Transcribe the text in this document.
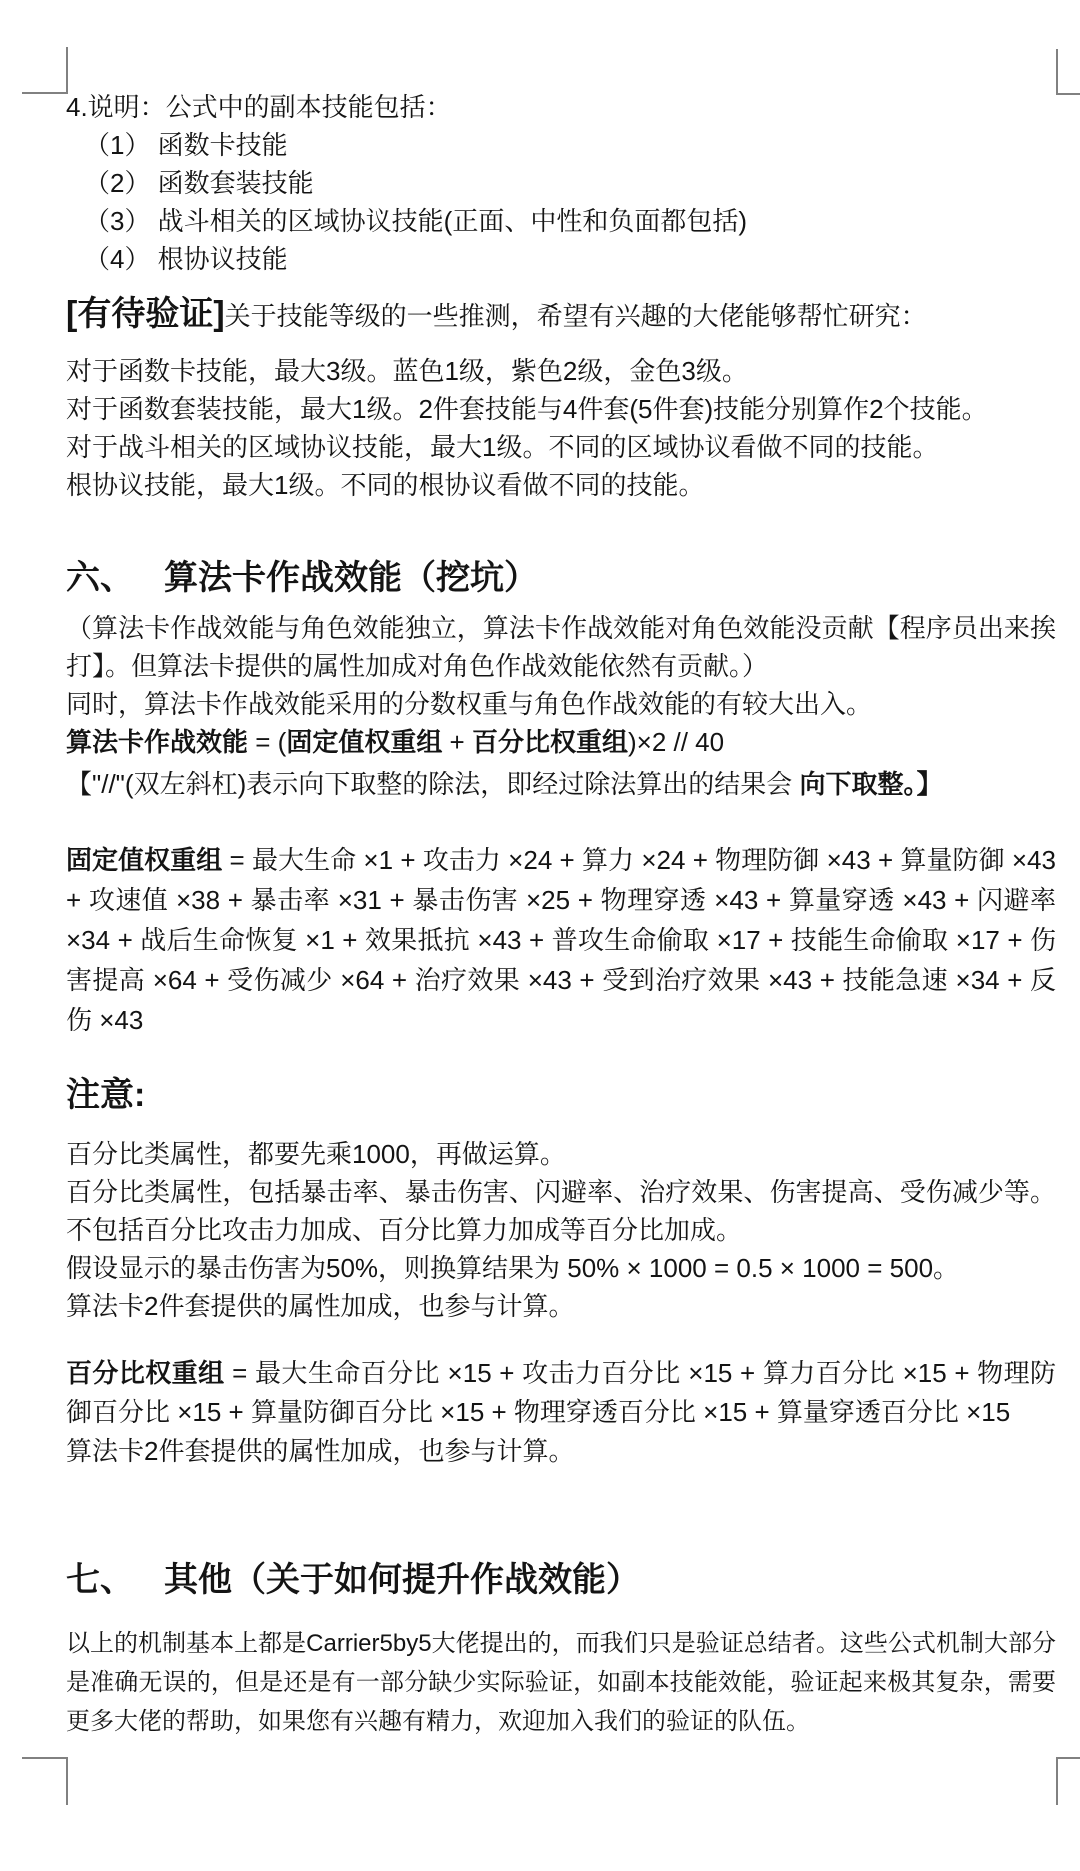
4.说明：公式中的副本技能包括：

（1） 函数卡技能

（2） 函数套装技能

（3） 战斗相关的区域协议技能(正面、中性和负面都包括)

（4） 根协议技能

[有待验证]关于技能等级的一些推测，希望有兴趣的大佬能够帮忙研究：

对于函数卡技能，最大3级。蓝色1级，紫色2级，金色3级。

对于函数套装技能，最大1级。2件套技能与4件套(5件套)技能分别算作2个技能。

对于战斗相关的区域协议技能，最大1级。不同的区域协议看做不同的技能。

根协议技能，最大1级。不同的根协议看做不同的技能。

六、 算法卡作战效能（挖坑）

（算法卡作战效能与角色效能独立，算法卡作战效能对角色效能没贡献【程序员出来挨打】。但算法卡提供的属性加成对角色作战效能依然有贡献。）

同时，算法卡作战效能采用的分数权重与角色作战效能的有较大出入。

算法卡作战效能 = (固定值权重组 + 百分比权重组)×2 // 40

【"//"(双左斜杠)表示向下取整的除法，即经过除法算出的结果会 向下取整。】

固定值权重组 = 最大生命 ×1 + 攻击力 ×24 + 算力 ×24 + 物理防御 ×43 + 算量防御 ×43 + 攻速值 ×38 + 暴击率 ×31 + 暴击伤害 ×25 + 物理穿透 ×43 + 算量穿透 ×43 + 闪避率 ×34 + 战后生命恢复 ×1 + 效果抵抗 ×43 + 普攻生命偷取 ×17 + 技能生命偷取 ×17 + 伤害提高 ×64 + 受伤减少 ×64 + 治疗效果 ×43 + 受到治疗效果 ×43 + 技能急速 ×34 + 反伤 ×43

注意:

百分比类属性，都要先乘1000，再做运算。

百分比类属性，包括暴击率、暴击伤害、闪避率、治疗效果、伤害提高、受伤减少等。不包括百分比攻击力加成、百分比算力加成等百分比加成。

假设显示的暴击伤害为50%，则换算结果为 50% × 1000 = 0.5 × 1000 = 500。

算法卡2件套提供的属性加成，也参与计算。

百分比权重组 = 最大生命百分比 ×15 + 攻击力百分比 ×15 + 算力百分比 ×15 + 物理防御百分比 ×15 + 算量防御百分比 ×15 + 物理穿透百分比 ×15 + 算量穿透百分比 ×15

算法卡2件套提供的属性加成，也参与计算。

七、 其他（关于如何提升作战效能）

以上的机制基本上都是Carrier5by5大佬提出的，而我们只是验证总结者。这些公式机制大部分是准确无误的，但是还是有一部分缺少实际验证，如副本技能效能，验证起来极其复杂，需要更多大佬的帮助，如果您有兴趣有精力，欢迎加入我们的验证的队伍。
